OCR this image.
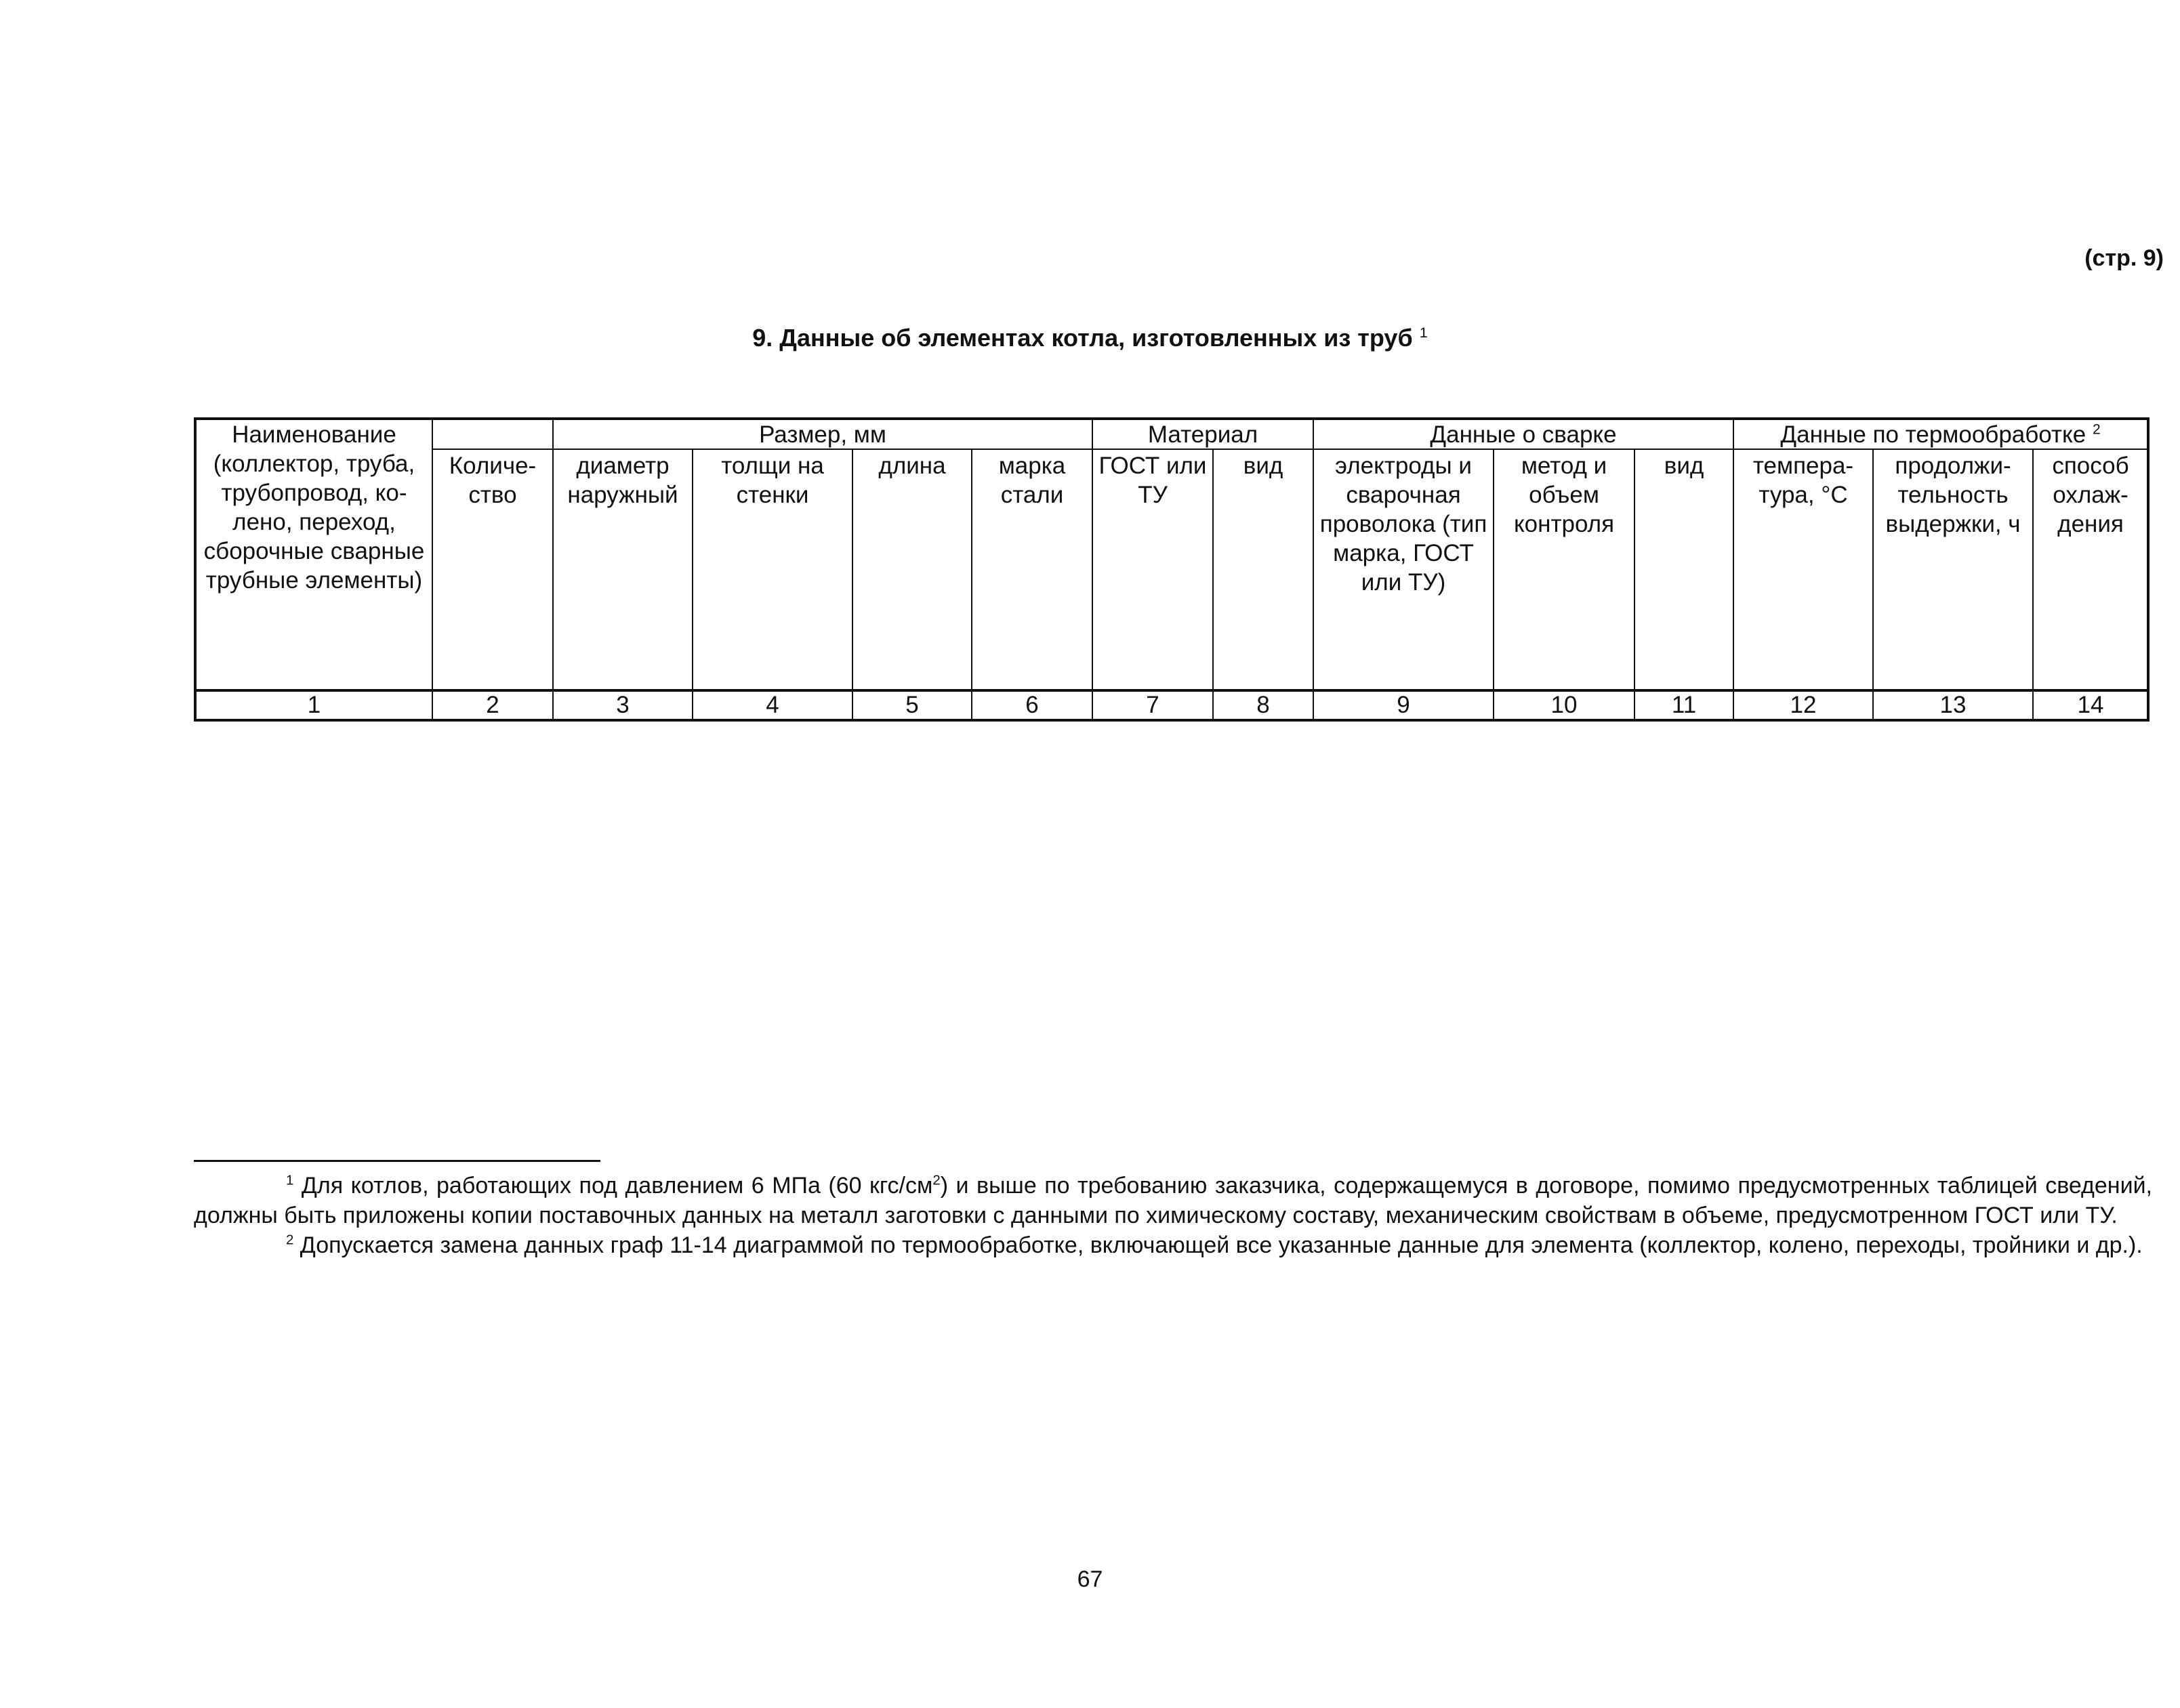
(стр. 9)
9. Данные об элементах котла, изготовленных из труб $^1$
Наименование (коллектор, труба, трубопровод, ко-лено, переход, сборочные сварные трубные элементы)		Размер, мм				Материал		Данные о сварке			Данные по термообработке $^2$
	Количе-ство	диаметр наружный	толщи на стенки	длина	марка стали	ГОСТ или ТУ	вид	электроды и сварочная проволока (тип марка, ГОСТ или ТУ)	метод и объем контроля	вид	темпера-тура, °С	продолжи-тельность выдержки, ч	способ охлаж-дения
1	2	3	4	5	6	7	8	9	10	11	12	13	14

$^1$ Для котлов, работающих под давлением 6 МПа (60 кгс/$см^2$) и выше по требованию заказчика, содержащемуся в договоре, помимо предусмотренных таблицей сведений, должны быть приложены копии поставочных данных на металл заготовки с данными по химическому составу, механическим свойствам в объеме, предусмотренном ГОСТ или ТУ.

$^2$ Допускается замена данных граф 11-14 диаграммой по термообработке, включающей все указанные данные для элемента (коллектор, колено, переходы, тройники и др.).

67
